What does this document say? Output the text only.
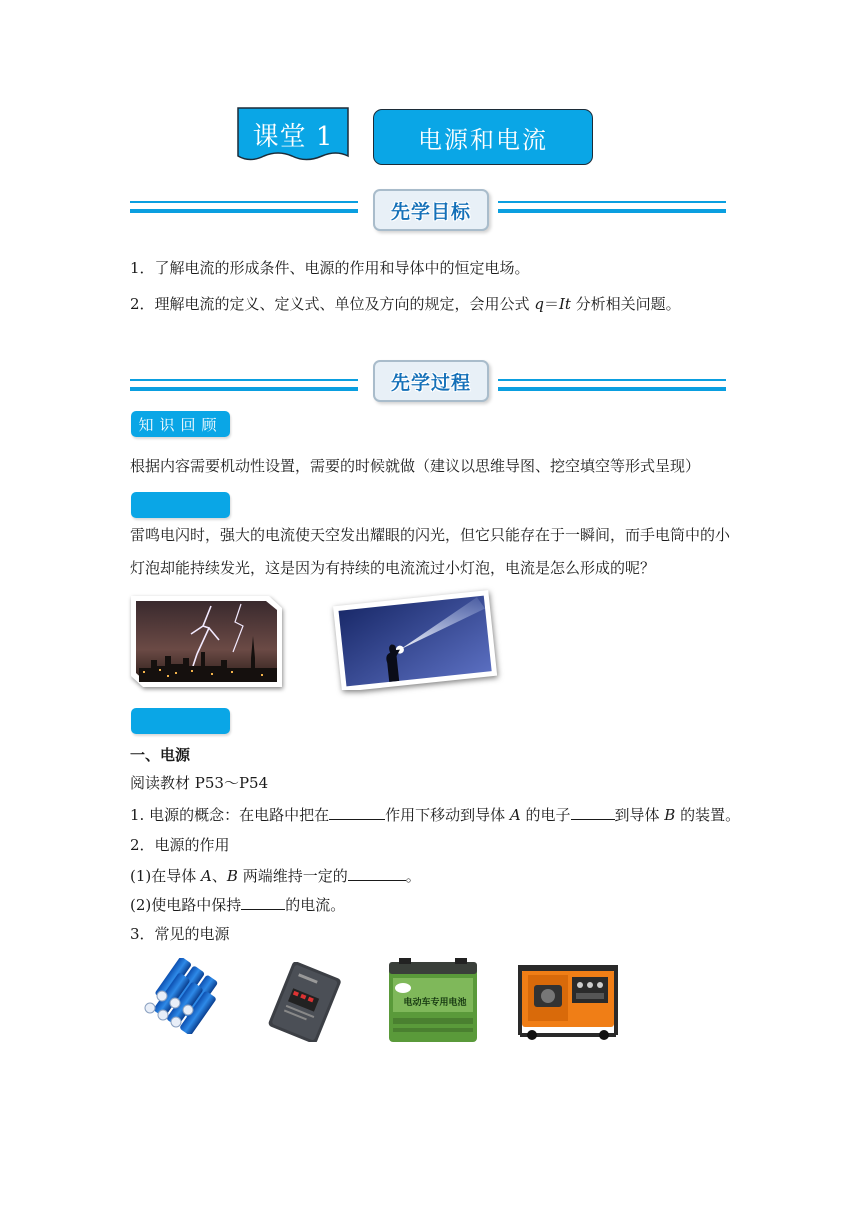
课堂 1	电源和电流
先学目标
1．了解电流的形成条件、电源的作用和导体中的恒定电场。
2．理解电流的定义、定义式、单位及方向的规定，会用公式 q＝It 分析相关问题。
先学过程
知识回顾
根据内容需要机动性设置，需要的时候就做（建议以思维导图、挖空填空等形式呈现）
雷鸣电闪时，强大的电流使天空发出耀眼的闪光，但它只能存在于一瞬间，而手电筒中的小灯泡却能持续发光，这是因为有持续的电流流过小灯泡，电流是怎么形成的呢？
一、电源
阅读教材 P53～P54
1. 电源的概念：在电路中把在	作用下移动到导体 A 的电子	到导体 B 的装置。
2．电源的作用
(1)在导体 A、B 两端维持一定的	。
(2)使电路中保持	的电流。
3．常见的电源
电动车专用电池
